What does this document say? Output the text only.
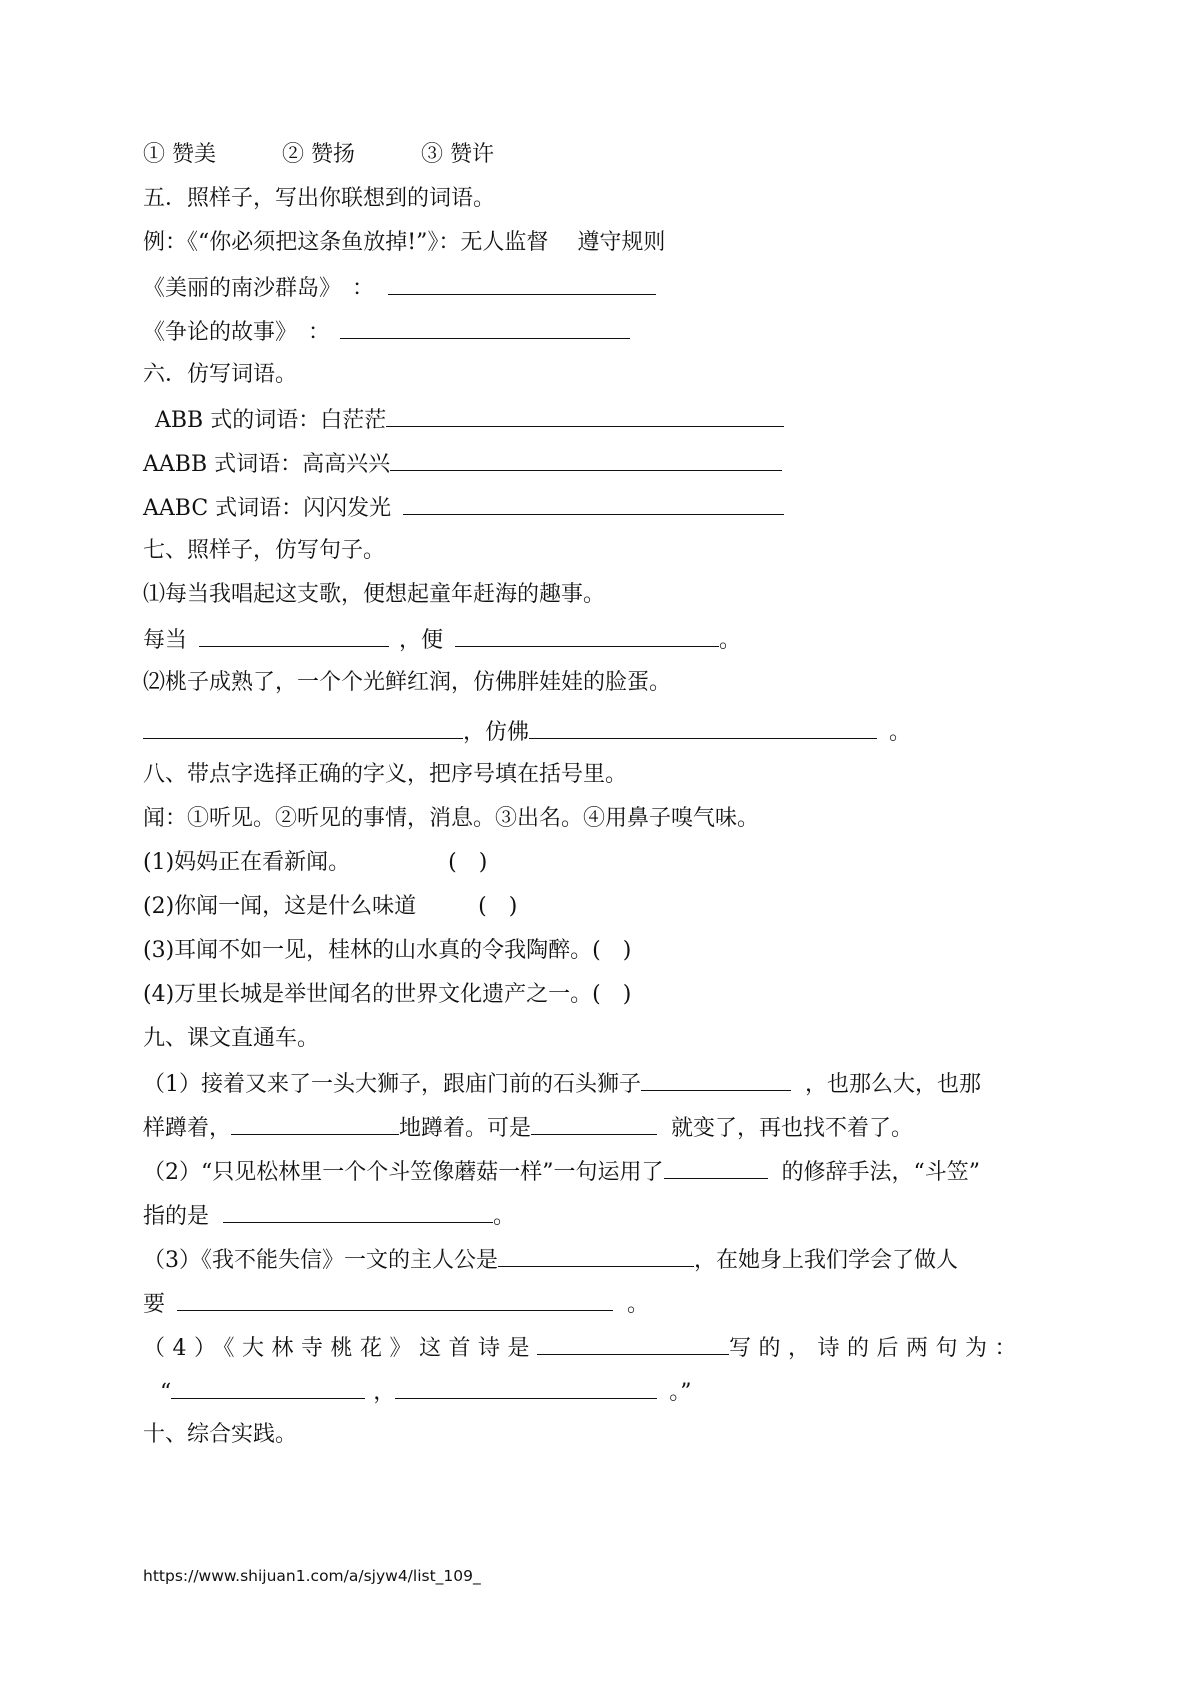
① 赞美	② 赞扬	③ 赞许
五．照样子，写出你联想到的词语。
例：《“你必须把这条鱼放掉!”》：无人监督　 遵守规则
《美丽的南沙群岛》　：
《争论的故事》　：
六．仿写词语。
ABB 式的词语：白茫茫
AABB 式词语：高高兴兴
AABC 式词语：闪闪发光
七、照样子，仿写句子。
⑴每当我唱起这支歌，便想起童年赶海的趣事。
每当	，便	。
⑵桃子成熟了，一个个光鲜红润，仿佛胖娃娃的脸蛋。
，仿佛	。
八、带点字选择正确的字义，把序号填在括号里。
闻：①听见。②听见的事情，消息。③出名。④用鼻子嗅气味。
(1)妈妈正在看新闻。	(　)
(2)你闻一闻，这是什么味道	(　)
(3)耳闻不如一见，桂林的山水真的令我陶醉。(　)
(4)万里长城是举世闻名的世界文化遗产之一。(　)
九、课文直通车。
（1）接着又来了一头大狮子，跟庙门前的石头狮子	，也那么大，也那
样蹲着，	地蹲着。可是	就变了，再也找不着了。
（2）“只见松林里一个个斗笠像蘑菇一样”一句运用了	的修辞手法，“斗笠”
指的是	。
（3）《我不能失信》一文的主人公是	，在她身上我们学会了做人
要	。
（4）《大林寺桃花》这首诗是	写的，诗的后两句为：
“	，	。”
十、综合实践。
https://www.shijuan1.com/a/sjyw4/list_109_
